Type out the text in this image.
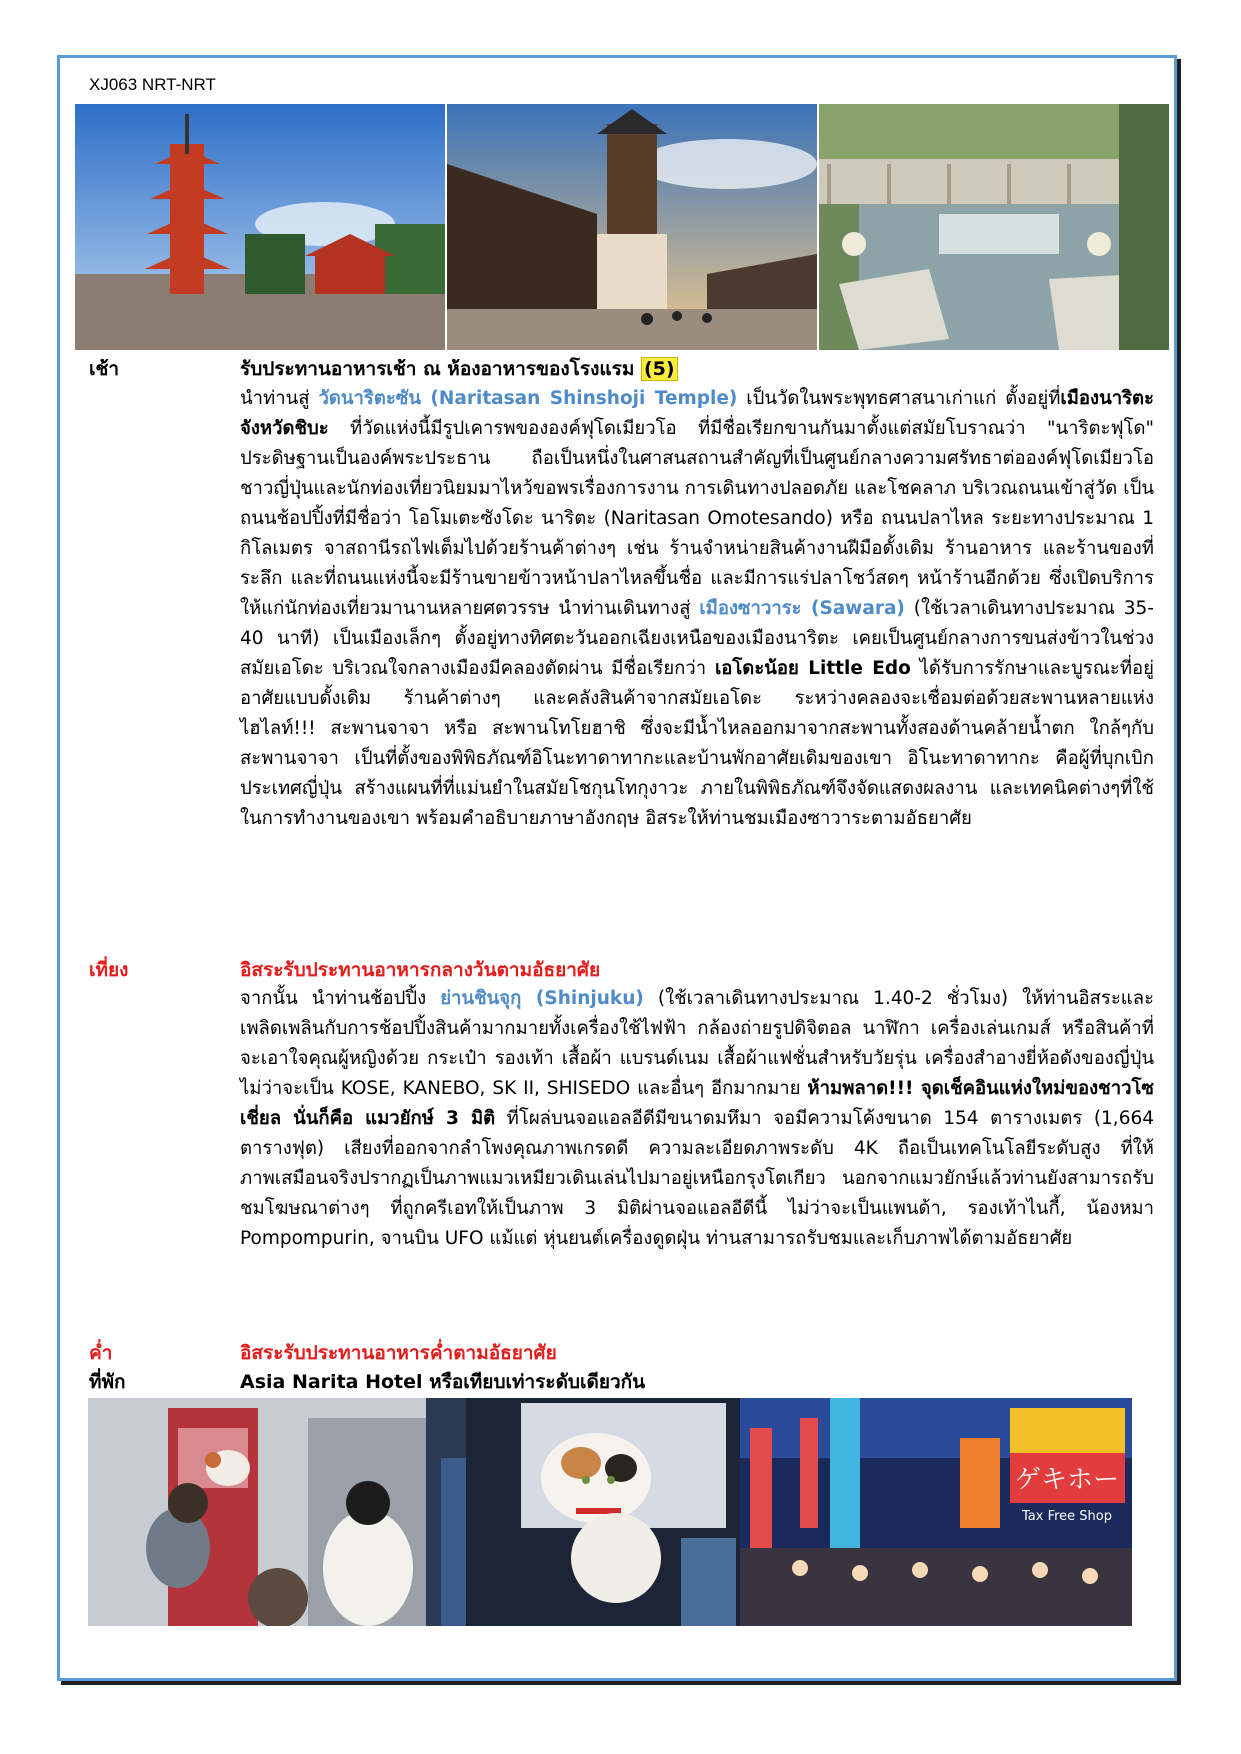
XJ063 NRT-NRT
เช้า	รับประทานอาหารเช้า ณ ห้องอาหารของโรงแรม (5)

นำท่านสู่ วัดนาริตะซัน (Naritasan Shinshoji Temple) เป็นวัดในพระพุทธศาสนาเก่าแก่ ตั้งอยู่ที่เมืองนาริตะ จังหวัดชิบะ ที่วัดแห่งนี้มีรูปเคารพขององค์ฟุโดเมียวโอ ที่มีชื่อเรียกขานกันมาตั้งแต่สมัยโบราณว่า "นาริตะฟุโด" ประดิษฐานเป็นองค์พระประธาน ถือเป็นหนึ่งในศาสนสถานสำคัญที่เป็นศูนย์กลางความศรัทธาต่อองค์ฟุโดเมียวโอ ชาวญี่ปุ่นและนักท่องเที่ยวนิยมมาไหว้ขอพรเรื่องการงาน การเดินทางปลอดภัย และโชคลาภ บริเวณถนนเข้าสู่วัด เป็นถนนช้อปปิ้งที่มีชื่อว่า โอโมเตะซังโดะ นาริตะ (Naritasan Omotesando) หรือ ถนนปลาไหล ระยะทางประมาณ 1 กิโลเมตร จาสถานีรถไฟเต็มไปด้วยร้านค้าต่างๆ เช่น ร้านจำหน่ายสินค้างานฝีมือดั้งเดิม ร้านอาหาร และร้านของที่ระลึก และที่ถนนแห่งนี้จะมีร้านขายข้าวหน้าปลาไหลขึ้นชื่อ และมีการแร่ปลาโชว์สดๆ หน้าร้านอีกด้วย ซึ่งเปิดบริการให้แก่นักท่องเที่ยวมานานหลายศตวรรษ นำท่านเดินทางสู่ เมืองซาวาระ (Sawara) (ใช้เวลาเดินทางประมาณ 35-40 นาที) เป็นเมืองเล็กๆ ตั้งอยู่ทางทิศตะวันออกเฉียงเหนือของเมืองนาริตะ เคยเป็นศูนย์กลางการขนส่งข้าวในช่วงสมัยเอโดะ บริเวณใจกลางเมืองมีคลองตัดผ่าน มีชื่อเรียกว่า เอโดะน้อย Little Edo ได้รับการรักษาและบูรณะที่อยู่อาศัยแบบดั้งเดิม ร้านค้าต่างๆ และคลังสินค้าจากสมัยเอโดะ ระหว่างคลองจะเชื่อมต่อด้วยสะพานหลายแห่ง ไฮไลท์!!! สะพานจาจา หรือ สะพานโทโยฮาชิ ซึ่งจะมีน้ำไหลออกมาจากสะพานทั้งสองด้านคล้ายน้ำตก ใกล้ๆกับสะพานจาจา เป็นที่ตั้งของพิพิธภัณฑ์อิโนะทาดาทากะและบ้านพักอาศัยเดิมของเขา อิโนะทาดาทากะ คือผู้ที่บุกเบิกประเทศญี่ปุ่น สร้างแผนที่ที่แม่นยำในสมัยโชกุนโทกุงาวะ ภายในพิพิธภัณฑ์จึงจัดแสดงผลงาน และเทคนิคต่างๆที่ใช้ในการทำงานของเขา พร้อมคำอธิบายภาษาอังกฤษ อิสระให้ท่านชมเมืองซาวาระตามอัธยาศัย

เที่ยง	อิสระรับประทานอาหารกลางวันตามอัธยาศัย

จากนั้น นำท่านช้อปปิ้ง ย่านชินจุกุ (Shinjuku) (ใช้เวลาเดินทางประมาณ 1.40-2 ชั่วโมง) ให้ท่านอิสระและเพลิดเพลินกับการช้อปปิ้งสินค้ามากมายทั้งเครื่องใช้ไฟฟ้า กล้องถ่ายรูปดิจิตอล นาฬิกา เครื่องเล่นเกมส์ หรือสินค้าที่จะเอาใจคุณผู้หญิงด้วย กระเป๋า รองเท้า เสื้อผ้า แบรนด์เนม เสื้อผ้าแฟชั่นสำหรับวัยรุ่น เครื่องสำอางยี่ห้อดังของญี่ปุ่นไม่ว่าจะเป็น KOSE, KANEBO, SK II, SHISEDO และอื่นๆ อีกมากมาย ห้ามพลาด!!! จุดเช็คอินแห่งใหม่ของชาวโซเชี่ยล นั่นก็คือ แมวยักษ์ 3 มิติ ที่โผล่บนจอแอลอีดีมีขนาดมหึมา จอมีความโค้งขนาด 154 ตารางเมตร (1,664 ตารางฟุต) เสียงที่ออกจากลำโพงคุณภาพเกรดดี ความละเอียดภาพระดับ 4K ถือเป็นเทคโนโลยีระดับสูง ที่ให้ภาพเสมือนจริงปรากฏเป็นภาพแมวเหมียวเดินเล่นไปมาอยู่เหนือกรุงโตเกียว นอกจากแมวยักษ์แล้วท่านยังสามารถรับชมโฆษณาต่างๆ ที่ถูกครีเอทให้เป็นภาพ 3 มิติผ่านจอแอลอีดีนี้ ไม่ว่าจะเป็นแพนด้า, รองเท้าไนกี้, น้องหมา Pompompurin, จานบิน UFO แม้แต่ หุ่นยนต์เครื่องดูดฝุ่น ท่านสามารถรับชมและเก็บภาพได้ตามอัธยาศัย

ค่ำ	อิสระรับประทานอาหารค่ำตามอัธยาศัย
ที่พัก	Asia Narita Hotel หรือเทียบเท่าระดับเดียวกัน
ゲキホー
Tax Free Shop
